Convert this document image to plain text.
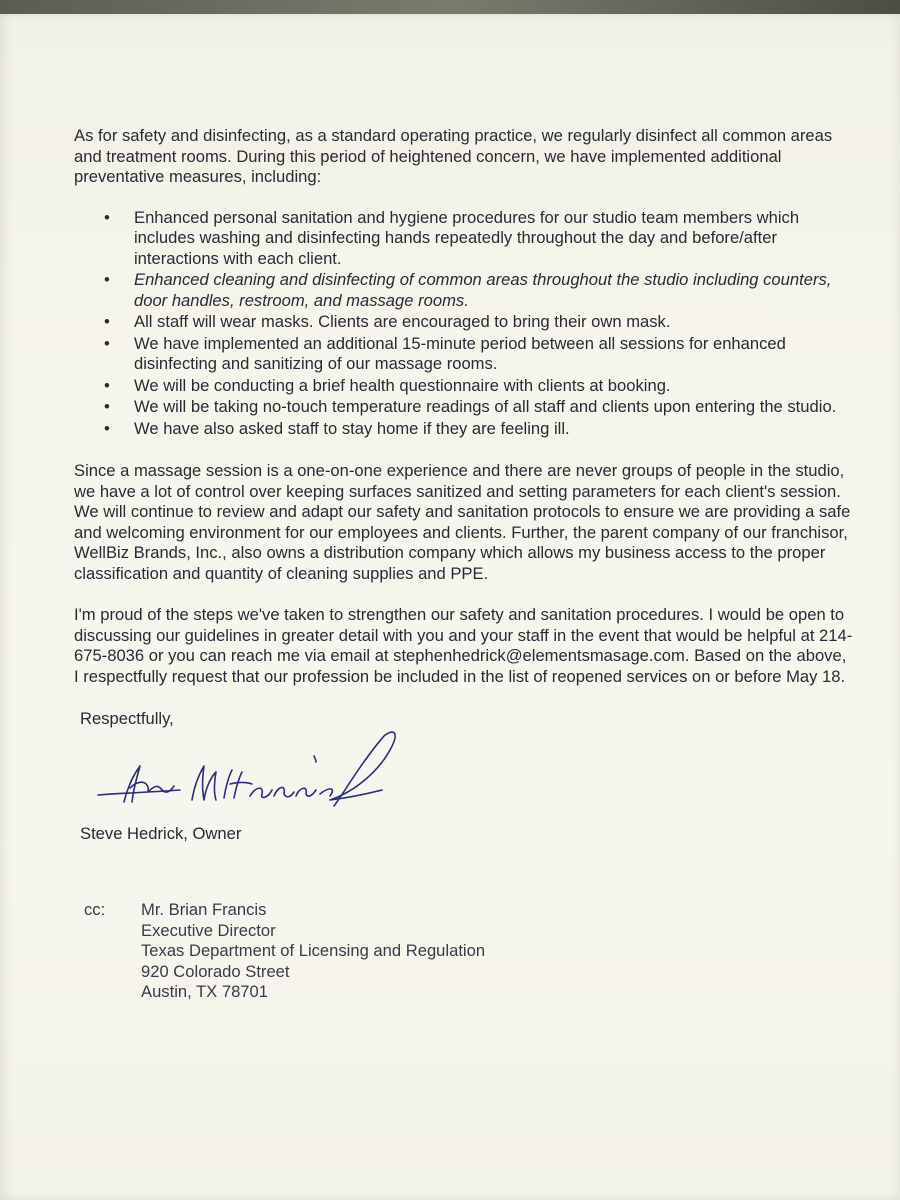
As for safety and disinfecting, as a standard operating practice, we regularly disinfect all common areas and treatment rooms. During this period of heightened concern, we have implemented additional preventative measures, including:

• Enhanced personal sanitation and hygiene procedures for our studio team members which includes washing and disinfecting hands repeatedly throughout the day and before/after interactions with each client.
• Enhanced cleaning and disinfecting of common areas throughout the studio including counters, door handles, restroom, and massage rooms.
• All staff will wear masks. Clients are encouraged to bring their own mask.
• We have implemented an additional 15-minute period between all sessions for enhanced disinfecting and sanitizing of our massage rooms.
• We will be conducting a brief health questionnaire with clients at booking.
• We will be taking no-touch temperature readings of all staff and clients upon entering the studio.
• We have also asked staff to stay home if they are feeling ill.

Since a massage session is a one-on-one experience and there are never groups of people in the studio, we have a lot of control over keeping surfaces sanitized and setting parameters for each client's session. We will continue to review and adapt our safety and sanitation protocols to ensure we are providing a safe and welcoming environment for our employees and clients. Further, the parent company of our franchisor, WellBiz Brands, Inc., also owns a distribution company which allows my business access to the proper classification and quantity of cleaning supplies and PPE.

I'm proud of the steps we've taken to strengthen our safety and sanitation procedures. I would be open to discussing our guidelines in greater detail with you and your staff in the event that would be helpful at 214-675-8036 or you can reach me via email at stephenhedrick@elementsmasage.com. Based on the above, I respectfully request that our profession be included in the list of reopened services on or before May 18.

Respectfully,
Steve Hedrick, Owner
cc: Mr. Brian Francis
Executive Director
Texas Department of Licensing and Regulation
920 Colorado Street
Austin, TX 78701
